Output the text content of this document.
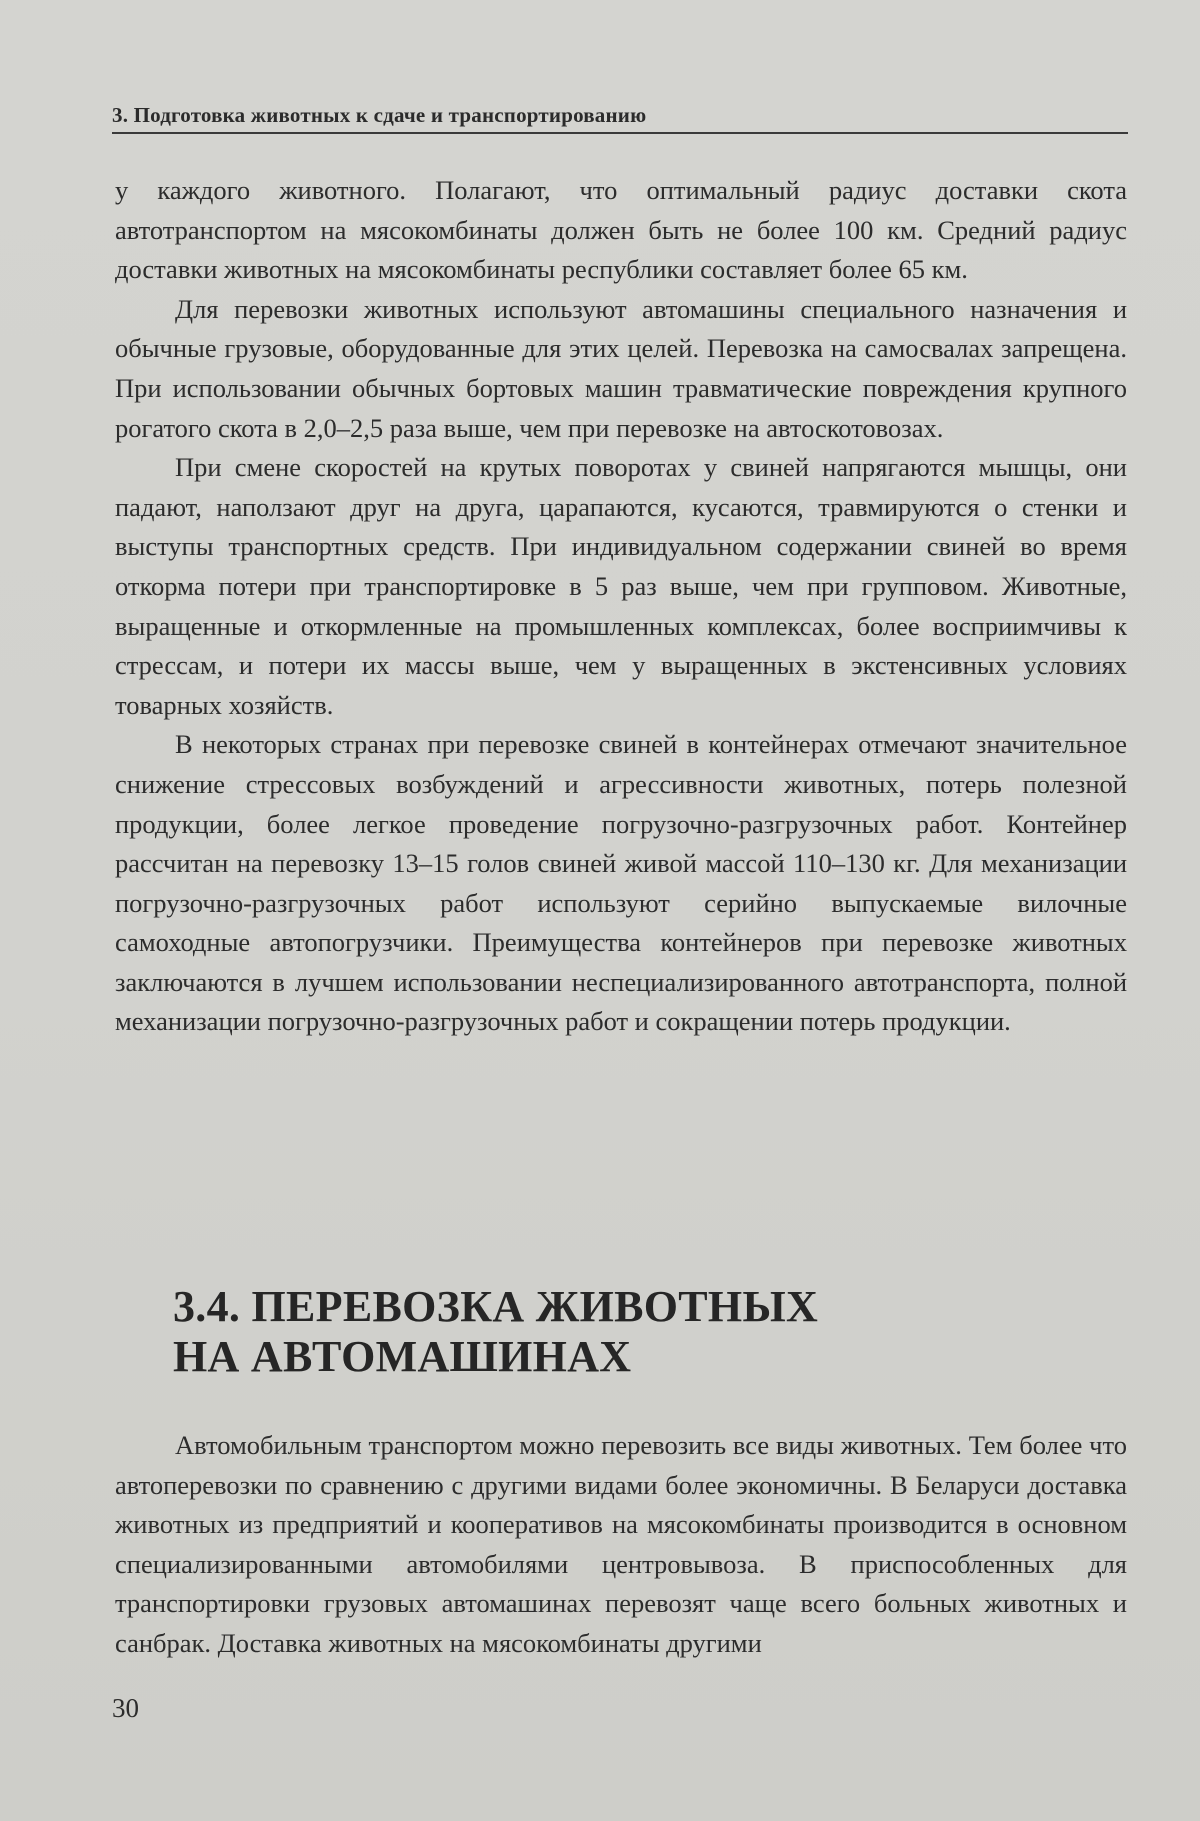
3. Подготовка животных к сдаче и транспортированию

у каждого животного. Полагают, что оптимальный радиус доставки скота автотранспортом на мясокомбинаты должен быть не более 100 км. Средний радиус доставки животных на мясокомбинаты республики составляет более 65 км.

Для перевозки животных используют автомашины специального назначения и обычные грузовые, оборудованные для этих целей. Перевозка на самосвалах запрещена. При использовании обычных бортовых машин травматические повреждения крупного рогатого скота в 2,0–2,5 раза выше, чем при перевозке на автоскотовозах.

При смене скоростей на крутых поворотах у свиней напрягаются мышцы, они падают, наползают друг на друга, царапаются, кусаются, травмируются о стенки и выступы транспортных средств. При индивидуальном содержании свиней во время откорма потери при транспортировке в 5 раз выше, чем при групповом. Животные, выращенные и откормленные на промышленных комплексах, более восприимчивы к стрессам, и потери их массы выше, чем у выращенных в экстенсивных условиях товарных хозяйств.

В некоторых странах при перевозке свиней в контейнерах отмечают значительное снижение стрессовых возбуждений и агрессивности животных, потерь полезной продукции, более легкое проведение погрузочно-разгрузочных работ. Контейнер рассчитан на перевозку 13–15 голов свиней живой массой 110–130 кг. Для механизации погрузочно-разгрузочных работ используют серийно выпускаемые вилочные самоходные автопогрузчики. Преимущества контейнеров при перевозке животных заключаются в лучшем использовании неспециализированного автотранспорта, полной механизации погрузочно-разгрузочных работ и сокращении потерь продукции.

3.4. ПЕРЕВОЗКА ЖИВОТНЫХ
НА АВТОМАШИНАХ

Автомобильным транспортом можно перевозить все виды животных. Тем более что автоперевозки по сравнению с другими видами более экономичны. В Беларуси доставка животных из предприятий и кооперативов на мясокомбинаты производится в основном специализированными автомобилями центровывоза. В приспособленных для транспортировки грузовых автомашинах перевозят чаще всего больных животных и санбрак. Доставка животных на мясокомбинаты другими

30
